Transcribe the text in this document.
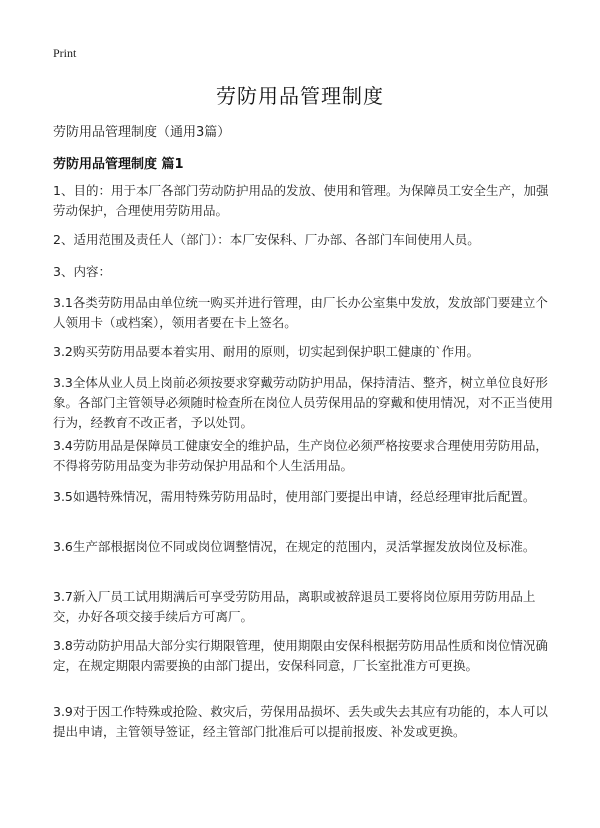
Print
劳防用品管理制度

劳防用品管理制度（通用3篇）

劳防用品管理制度 篇1

1、目的：用于本厂各部门劳动防护用品的发放、使用和管理。为保障员工安全生产，加强劳动保护，合理使用劳防用品。

2、适用范围及责任人（部门）：本厂安保科、厂办部、各部门车间使用人员。

3、内容：

3.1各类劳防用品由单位统一购买并进行管理，由厂长办公室集中发放，发放部门要建立个人领用卡（或档案），领用者要在卡上签名。

3.2购买劳防用品要本着实用、耐用的原则，切实起到保护职工健康的`作用。

3.3全体从业人员上岗前必须按要求穿戴劳动防护用品，保持清洁、整齐，树立单位良好形象。各部门主管领导必须随时检查所在岗位人员劳保用品的穿戴和使用情况，对不正当使用行为，经教育不改正者，予以处罚。

3.4劳防用品是保障员工健康安全的维护品，生产岗位必须严格按要求合理使用劳防用品，不得将劳防用品变为非劳动保护用品和个人生活用品。

3.5如遇特殊情况，需用特殊劳防用品时，使用部门要提出申请，经总经理审批后配置。

3.6生产部根据岗位不同或岗位调整情况，在规定的范围内，灵活掌握发放岗位及标准。

3.7新入厂员工试用期满后可享受劳防用品，离职或被辞退员工要将岗位原用劳防用品上交，办好各项交接手续后方可离厂。

3.8劳动防护用品大部分实行期限管理，使用期限由安保科根据劳防用品性质和岗位情况确定，在规定期限内需要换的由部门提出，安保科同意，厂长室批准方可更换。

3.9对于因工作特殊或抢险、救灾后，劳保用品损坏、丢失或失去其应有功能的，本人可以提出申请，主管领导签证，经主管部门批准后可以提前报废、补发或更换。
